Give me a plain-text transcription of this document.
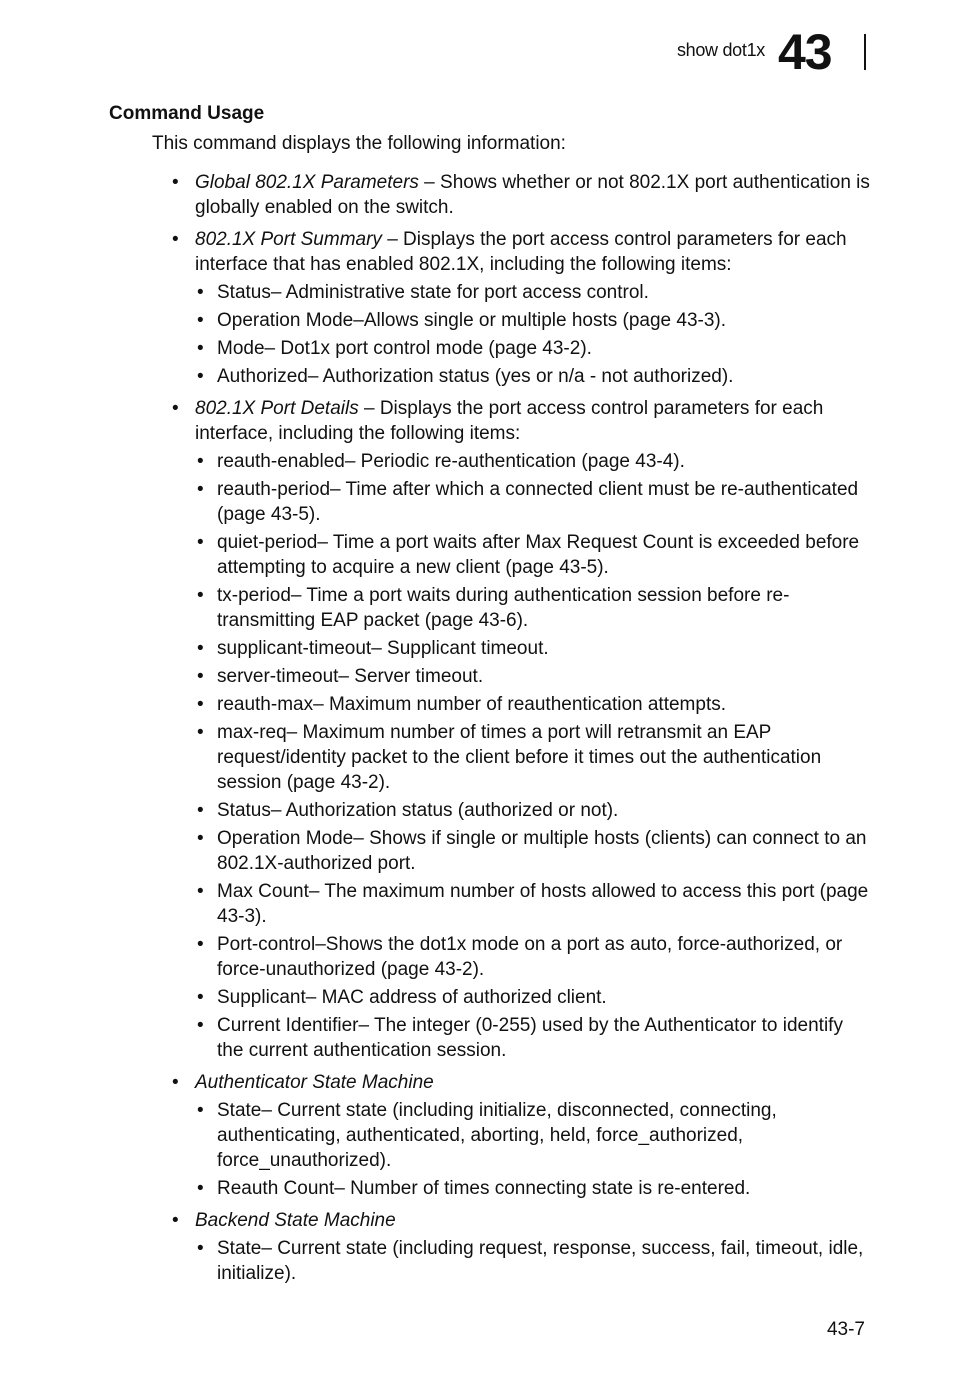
show dot1x 43
Command Usage
This command displays the following information:
• Global 802.1X Parameters – Shows whether or not 802.1X port authentication is globally enabled on the switch.
• 802.1X Port Summary – Displays the port access control parameters for each interface that has enabled 802.1X, including the following items:
• Status– Administrative state for port access control.
• Operation Mode–Allows single or multiple hosts (page 43-3).
• Mode– Dot1x port control mode (page 43-2).
• Authorized– Authorization status (yes or n/a - not authorized).
• 802.1X Port Details – Displays the port access control parameters for each interface, including the following items:
• reauth-enabled– Periodic re-authentication (page 43-4).
• reauth-period– Time after which a connected client must be re-authenticated (page 43-5).
• quiet-period– Time a port waits after Max Request Count is exceeded before attempting to acquire a new client (page 43-5).
• tx-period– Time a port waits during authentication session before re-transmitting EAP packet (page 43-6).
• supplicant-timeout– Supplicant timeout.
• server-timeout– Server timeout.
• reauth-max– Maximum number of reauthentication attempts.
• max-req– Maximum number of times a port will retransmit an EAP request/identity packet to the client before it times out the authentication session (page 43-2).
• Status– Authorization status (authorized or not).
• Operation Mode– Shows if single or multiple hosts (clients) can connect to an 802.1X-authorized port.
• Max Count– The maximum number of hosts allowed to access this port (page 43-3).
• Port-control–Shows the dot1x mode on a port as auto, force-authorized, or force-unauthorized (page 43-2).
• Supplicant– MAC address of authorized client.
• Current Identifier– The integer (0-255) used by the Authenticator to identify the current authentication session.
• Authenticator State Machine
• State– Current state (including initialize, disconnected, connecting, authenticating, authenticated, aborting, held, force_authorized, force_unauthorized).
• Reauth Count– Number of times connecting state is re-entered.
• Backend State Machine
• State– Current state (including request, response, success, fail, timeout, idle, initialize).
43-7
